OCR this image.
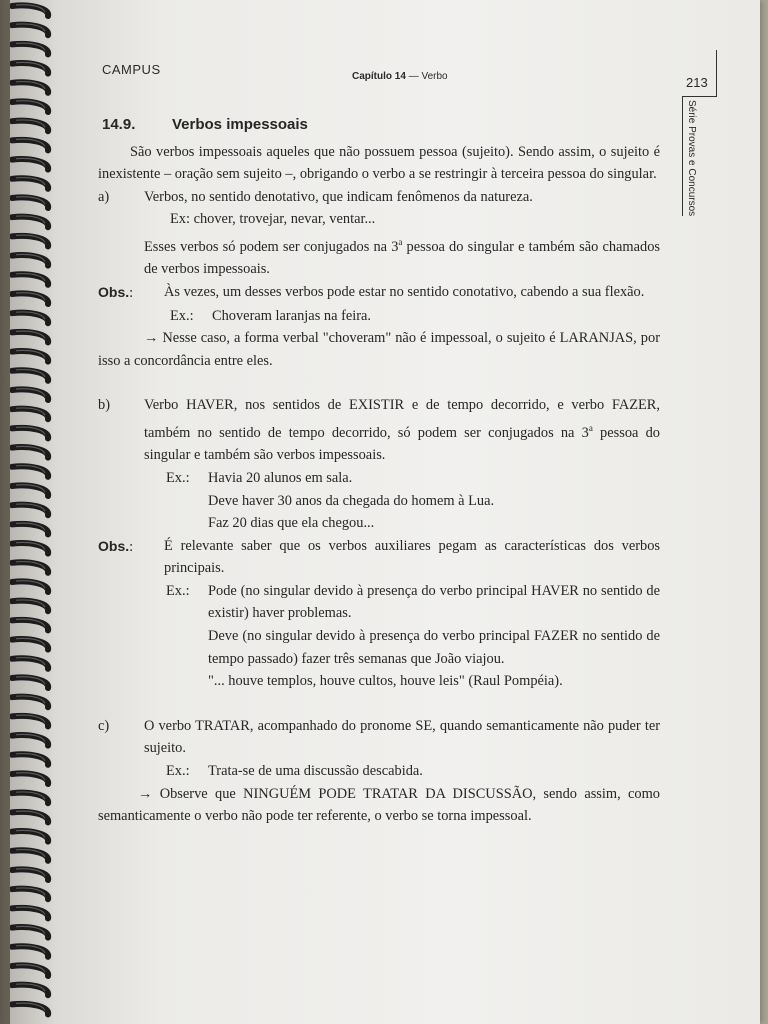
CAMPUS	Capítulo 14 — Verbo	213
Série Provas e Concursos
14.9. Verbos impessoais

São verbos impessoais aqueles que não possuem pessoa (sujeito). Sendo assim, o sujeito é inexistente – oração sem sujeito –, obrigando o verbo a se restringir à terceira pessoa do singular.

a)	Verbos, no sentido denotativo, que indicam fenômenos da natureza.
Ex: chover, trovejar, nevar, ventar...
Esses verbos só podem ser conjugados na 3$^a$ pessoa do singular e também são chamados de verbos impessoais.
Obs.:	Às vezes, um desses verbos pode estar no sentido conotativo, cabendo a sua flexão.
Ex.:	Choveram laranjas na feira.

→ Nesse caso, a forma verbal "choveram" não é impessoal, o sujeito é LARANJAS, por isso a concordância entre eles.

b)	Verbo HAVER, nos sentidos de EXISTIR e de tempo decorrido, e verbo FAZER, também no sentido de tempo decorrido, só podem ser conjugados na 3$^a$ pessoa do singular e também são verbos impessoais.
Ex.:	Havia 20 alunos em sala.
Deve haver 30 anos da chegada do homem à Lua.
Faz 20 dias que ela chegou...
Obs.:	É relevante saber que os verbos auxiliares pegam as características dos verbos principais.
Ex.:	Pode (no singular devido à presença do verbo principal HAVER no sentido de existir) haver problemas.
Deve (no singular devido à presença do verbo principal FAZER no sentido de tempo passado) fazer três semanas que João viajou.
"... houve templos, houve cultos, houve leis" (Raul Pompéia).
c)	O verbo TRATAR, acompanhado do pronome SE, quando semanticamente não puder ter sujeito.
Ex.:	Trata-se de uma discussão descabida.

→ Observe que NINGUÉM PODE TRATAR DA DISCUSSÃO, sendo assim, como semanticamente o verbo não pode ter referente, o verbo se torna impessoal.
